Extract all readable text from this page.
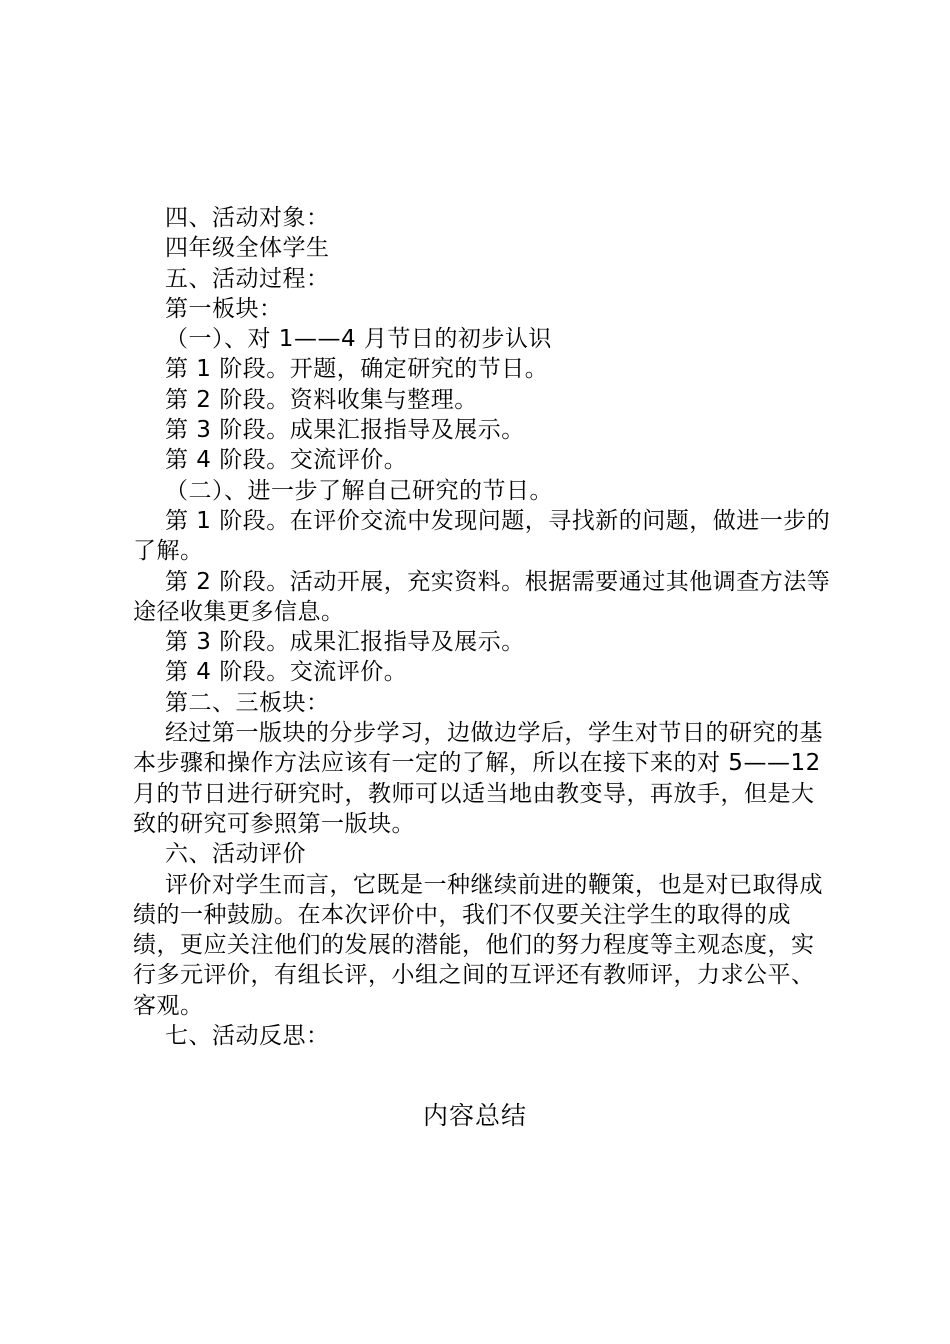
四、活动对象：

四年级全体学生

五、活动过程：

第一板块：

（一）、对 1——4 月节日的初步认识

第 1 阶段。开题，确定研究的节日。

第 2 阶段。资料收集与整理。

第 3 阶段。成果汇报指导及展示。

第 4 阶段。交流评价。

（二）、进一步了解自己研究的节日。

第 1 阶段。在评价交流中发现问题，寻找新的问题，做进一步的了解。

第 2 阶段。活动开展，充实资料。根据需要通过其他调查方法等途径收集更多信息。

第 3 阶段。成果汇报指导及展示。

第 4 阶段。交流评价。

第二、三板块：

经过第一版块的分步学习，边做边学后，学生对节日的研究的基本步骤和操作方法应该有一定的了解，所以在接下来的对 5——12 月的节日进行研究时，教师可以适当地由教变导，再放手，但是大致的研究可参照第一版块。

六、活动评价

评价对学生而言，它既是一种继续前进的鞭策，也是对已取得成绩的一种鼓励。在本次评价中，我们不仅要关注学生的取得的成绩，更应关注他们的发展的潜能，他们的努力程度等主观态度，实行多元评价，有组长评，小组之间的互评还有教师评，力求公平、客观。

七、活动反思：

内容总结
